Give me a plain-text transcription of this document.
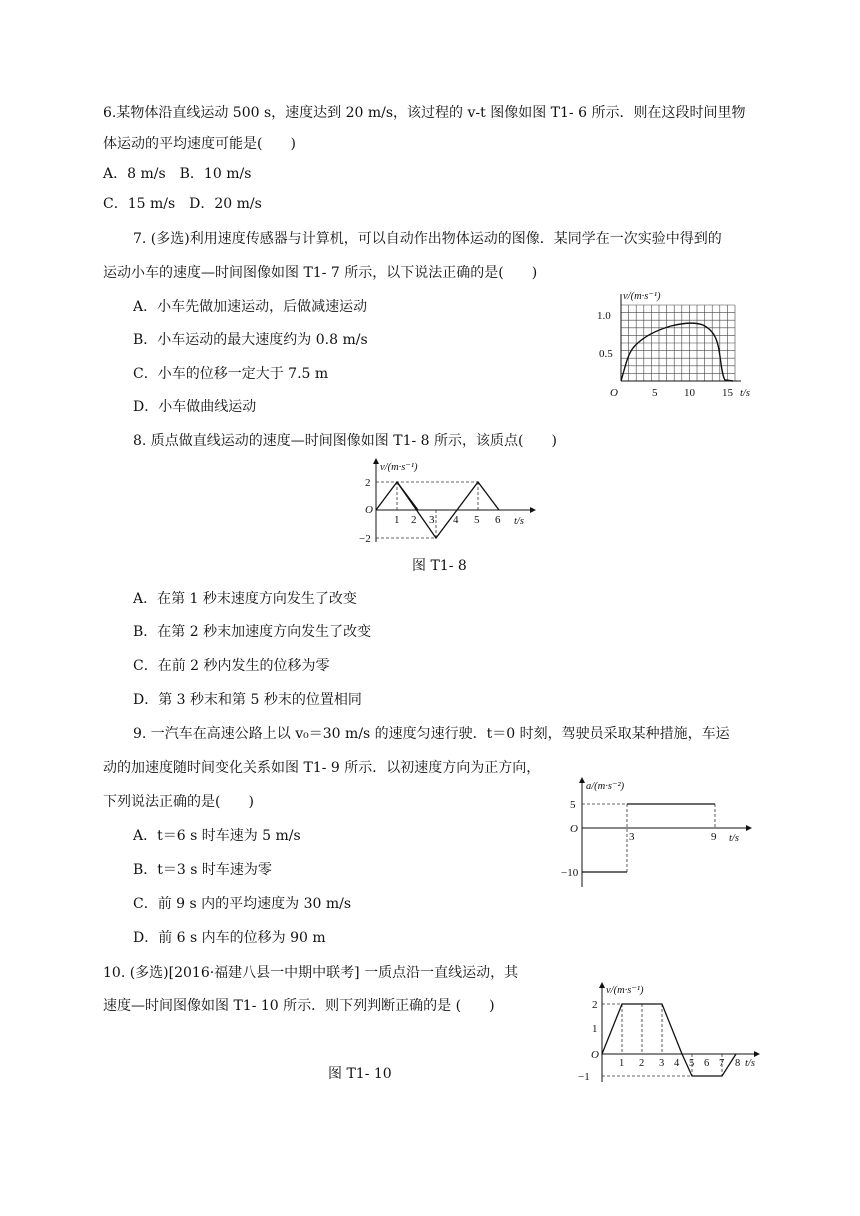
6.某物体沿直线运动 500 s，速度达到 20 m/s，该过程的 v-t 图像如图 T1- 6 所示．则在这段时间里物
体运动的平均速度可能是( )
A．8 m/s　B．10 m/s
C．15 m/s　D．20 m/s
7. (多选)利用速度传感器与计算机，可以自动作出物体运动的图像．某同学在一次实验中得到的
运动小车的速度—时间图像如图 T1- 7 所示，以下说法正确的是( )
A．小车先做加速运动，后做减速运动
B．小车运动的最大速度约为 0.8 m/s
C．小车的位移一定大于 7.5 m
D．小车做曲线运动
v/(m·s⁻¹)
1.0
0.5
O	5 10 15 t/s
8. 质点做直线运动的速度—时间图像如图 T1- 8 所示，该质点( )
v/(m·s⁻¹)
2
−2
O
1 2 3 4 5 6 t/s
图 T1- 8
A．在第 1 秒末速度方向发生了改变
B．在第 2 秒末加速度方向发生了改变
C．在前 2 秒内发生的位移为零
D．第 3 秒末和第 5 秒末的位置相同
9. 一汽车在高速公路上以 v₀＝30 m/s 的速度匀速行驶．t＝0 时刻，驾驶员采取某种措施，车运
动的加速度随时间变化关系如图 T1- 9 所示．以初速度方向为正方向，
下列说法正确的是( )
A．t＝6 s 时车速为 5 m/s
B．t＝3 s 时车速为零
C．前 9 s 内的平均速度为 30 m/s
D．前 6 s 内车的位移为 90 m
a/(m·s⁻²)
5
−10
O
3	9 t/s
10. (多选)[2016·福建八县一中期中联考] 一质点沿一直线运动，其
速度—时间图像如图 T1- 10 所示．则下列判断正确的是 ( )
图 T1- 10
v/(m·s⁻¹)
2
1
−1
O
1 2 3 4 5 6 7 8 t/s
